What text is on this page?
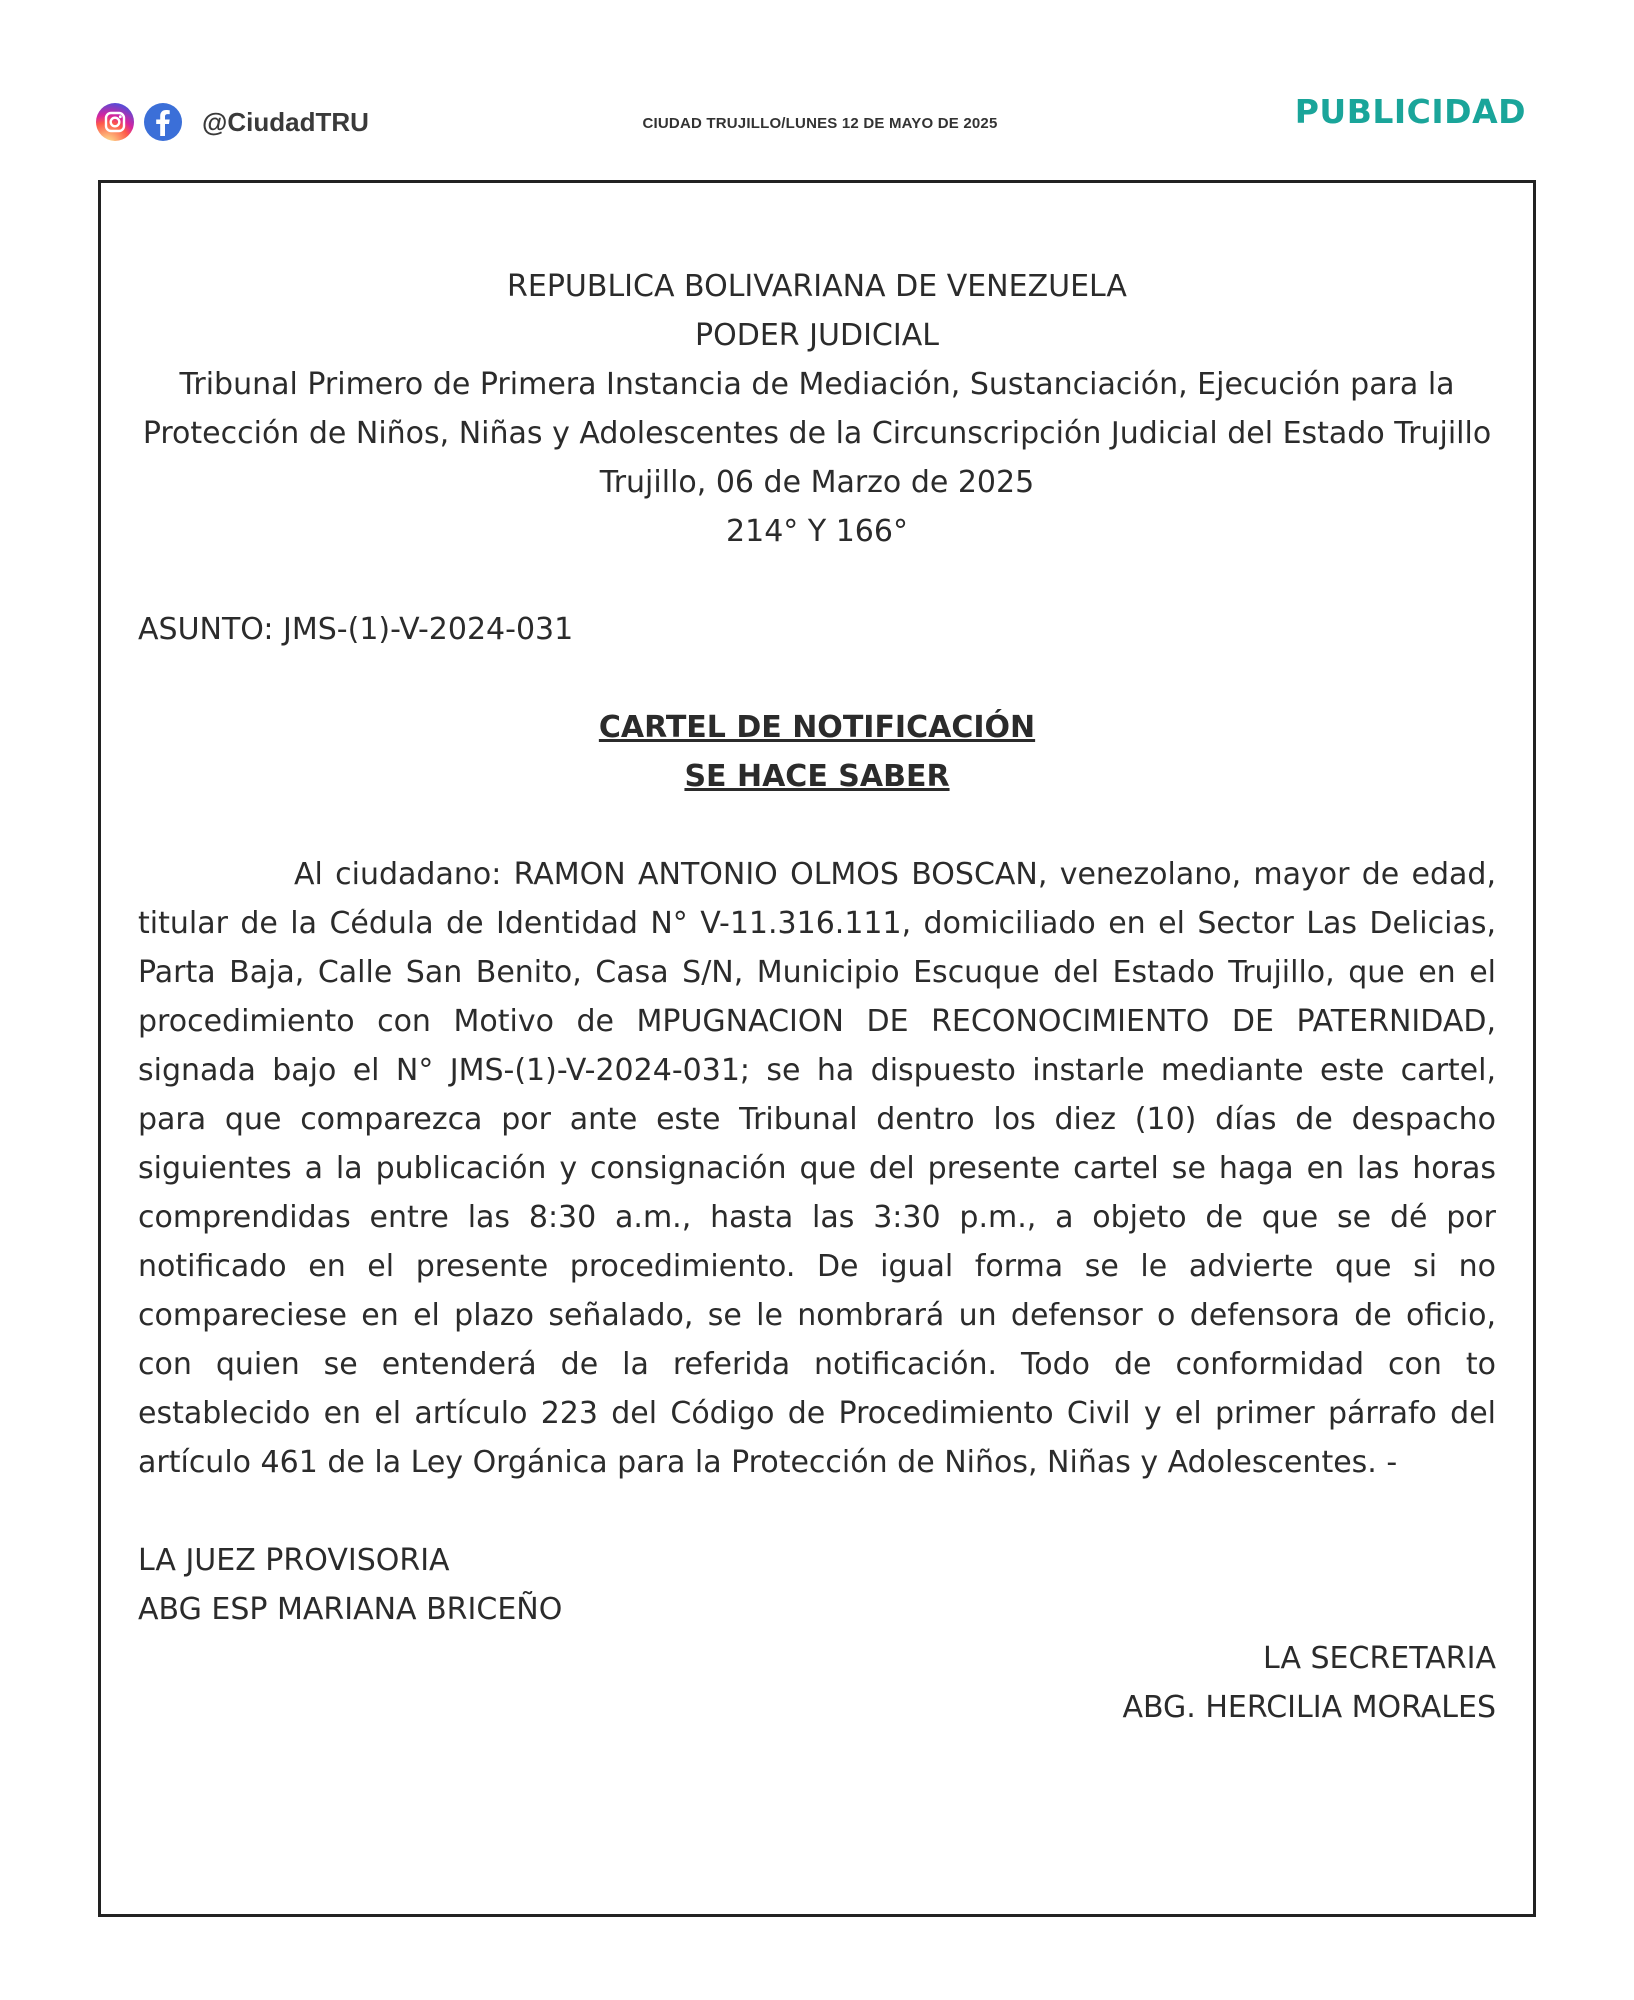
@CiudadTRU	CIUDAD TRUJILLO/LUNES 12 DE MAYO DE 2025	PUBLICIDAD
REPUBLICA BOLIVARIANA DE VENEZUELA
PODER JUDICIAL
Tribunal Primero de Primera Instancia de Mediación, Sustanciación, Ejecución para la
Protección de Niños, Niñas y Adolescentes de la Circunscripción Judicial del Estado Trujillo
Trujillo, 06 de Marzo de 2025
214° Y 166°
ASUNTO: JMS-(1)-V-2024-031
CARTEL DE NOTIFICACIÓN
SE HACE SABER
Al ciudadano: RAMON ANTONIO OLMOS BOSCAN, venezolano, mayor de edad, titular de la Cédula de Identidad N° V-11.316.111, domiciliado en el Sector Las Delicias, Parta Baja, Calle San Benito, Casa S/N, Municipio Escuque del Estado Trujillo, que en el procedimiento con Motivo de MPUGNACION DE RECONOCIMIENTO DE PATERNIDAD, signada bajo el N° JMS-(1)-V-2024-031; se ha dispuesto instarle mediante este cartel, para que comparezca por ante este Tribunal dentro los diez (10) días de despacho siguientes a la publicación y consignación que del presente cartel se haga en las horas comprendidas entre las 8:30 a.m., hasta las 3:30 p.m., a objeto de que se dé por notificado en el presente procedimiento. De igual forma se le advierte que si no compareciese en el plazo señalado, se le nombrará un defensor o defensora de oficio, con quien se entenderá de la referida notificación. Todo de conformidad con to establecido en el artículo 223 del Código de Procedimiento Civil y el primer párrafo del artículo 461 de la Ley Orgánica para la Protección de Niños, Niñas y Adolescentes. -
LA JUEZ PROVISORIA
ABG ESP MARIANA BRICEÑO
LA SECRETARIA
ABG. HERCILIA MORALES
